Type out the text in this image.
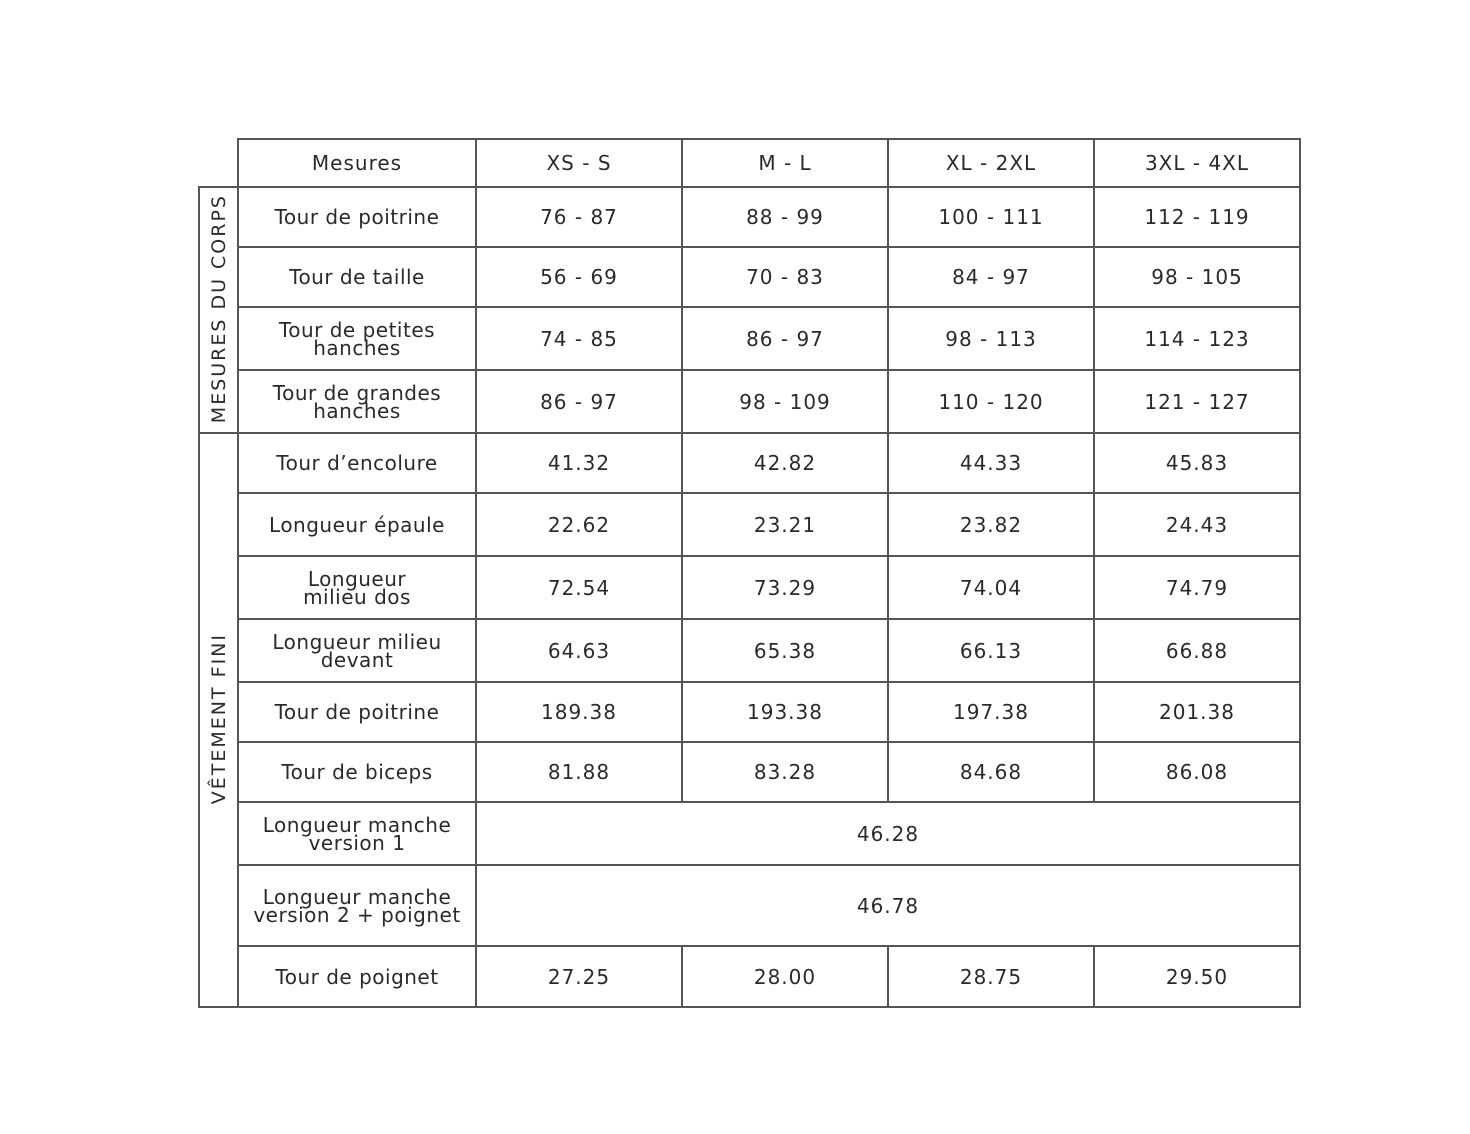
	Mesures	XS - S	M - L	XL - 2XL	3XL - 4XL
MESURES DU CORPS	Tour de poitrine	76 - 87	88 - 99	100 - 111	112 - 119

	Tour de taille	56 - 69	70 - 83	84 - 97	98 - 105

	Tour de petites
hanches	74 - 85	86 - 97	98 - 113	114 - 123

	Tour de grandes
hanches	86 - 97	98 - 109	110 - 120	121 - 127
VÊTEMENT FINI	Tour d’encolure	41.32	42.82	44.33	45.83

	Longueur épaule	22.62	23.21	23.82	24.43

	Longueur
milieu dos	72.54	73.29	74.04	74.79

	Longueur milieu
devant	64.63	65.38	66.13	66.88

	Tour de poitrine	189.38	193.38	197.38	201.38

	Tour de biceps	81.88	83.28	84.68	86.08

	Longueur manche
version 1	46.28			

	Longueur manche
version 2 + poignet	46.78			

	Tour de poignet	27.25	28.00	28.75	29.50
